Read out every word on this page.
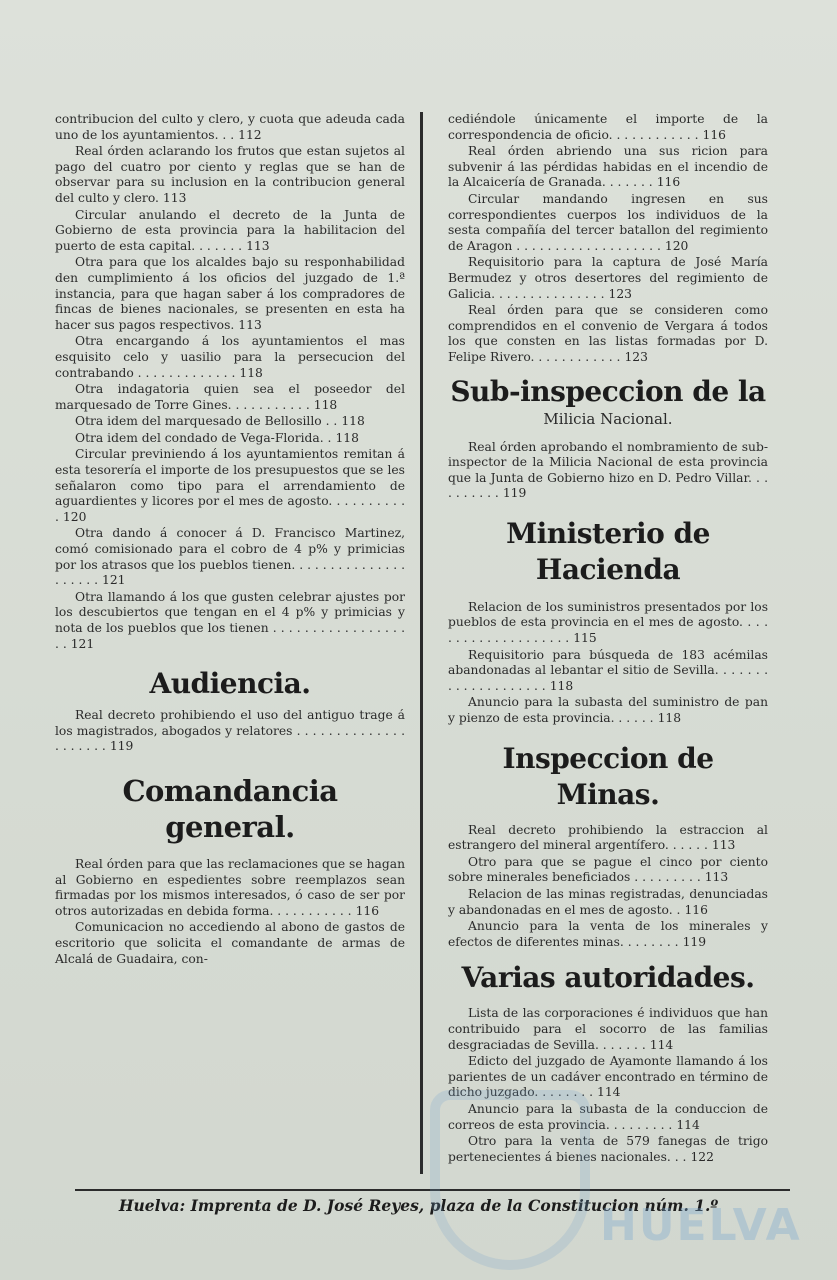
contribucion del culto y clero, y cuota que adeuda cada uno de los ayuntamientos. . . 112

Real órden aclarando los frutos que estan sujetos al pago del cuatro por ciento y reglas que se han de observar para su inclusion en la contribucion general del culto y clero. 113

Circular anulando el decreto de la Junta de Gobierno de esta provincia para la habilitacion del puerto de esta capital. . . . . . . 113

Otra para que los alcaldes bajo su responhabilidad den cumplimiento á los oficios del juzgado de 1.ª instancia, para que hagan saber á los compradores de fincas de bienes nacionales, se presenten en esta ha hacer sus pagos respectivos. 113

Otra encargando á los ayuntamientos el mas esquisito celo y uasilio para la persecucion del contrabando . . . . . . . . . . . . . 118

Otra indagatoria quien sea el poseedor del marquesado de Torre Gines. . . . . . . . . . . 118

Otra idem del marquesado de Bellosillo . . 118

Otra idem del condado de Vega-Florida. . 118

Circular previniendo á los ayuntamientos remitan á esta tesorería el importe de los presupuestos que se les señalaron como tipo para el arrendamiento de aguardientes y licores por el mes de agosto. . . . . . . . . . . 120

Otra dando á conocer á D. Francisco Martinez, comó comisionado para el cobro de 4 p% y primicias por los atrasos que los pueblos tienen. . . . . . . . . . . . . . . . . . . . . 121

Otra llamando á los que gusten celebrar ajustes por los descubiertos que tengan en el 4 p% y primicias y nota de los pueblos que los tienen . . . . . . . . . . . . . . . . . . . 121

Audiencia.

Real decreto prohibiendo el uso del antiguo trage á los magistrados, abogados y relatores . . . . . . . . . . . . . . . . . . . . . 119

Comandancia general.

Real órden para que las reclamaciones que se hagan al Gobierno en espedientes sobre reemplazos sean firmadas por los mismos interesados, ó caso de ser por otros autorizadas en debida forma. . . . . . . . . . . 116

Comunicacion no accediendo al abono de gastos de escritorio que solicita el comandante de armas de Alcalá de Guadaira, con-

cediéndole únicamente el importe de la correspondencia de oficio. . . . . . . . . . . . 116

Real órden abriendo una sus ricion para subvenir á las pérdidas habidas en el incendio de la Alcaicería de Granada. . . . . . . 116

Circular mandando ingresen en sus correspondientes cuerpos los individuos de la sesta compañía del tercer batallon del regimiento de Aragon . . . . . . . . . . . . . . . . . . . 120

Requisitorio para la captura de José María Bermudez y otros desertores del regimiento de Galicia. . . . . . . . . . . . . . . 123

Real órden para que se consideren como comprendidos en el convenio de Vergara á todos los que consten en las listas formadas por D. Felipe Rivero. . . . . . . . . . . . 123

Sub-inspeccion de la
Milicia Nacional.

Real órden aprobando el nombramiento de sub-inspector de la Milicia Nacional de esta provincia que la Junta de Gobierno hizo en D. Pedro Villar. . . . . . . . . . 119

Ministerio de Hacienda

Relacion de los suministros presentados por los pueblos de esta provincia en el mes de agosto. . . . . . . . . . . . . . . . . . . . 115

Requisitorio para búsqueda de 183 acémilas abandonadas al lebantar el sitio de Sevilla. . . . . . . . . . . . . . . . . . . . 118

Anuncio para la subasta del suministro de pan y pienzo de esta provincia. . . . . . 118

Inspeccion de Minas.

Real decreto prohibiendo la estraccion al estrangero del mineral argentífero. . . . . . 113

Otro para que se pague el cinco por ciento sobre minerales beneficiados . . . . . . . . . 113

Relacion de las minas registradas, denunciadas y abandonadas en el mes de agosto. . 116

Anuncio para la venta de los minerales y efectos de diferentes minas. . . . . . . . 119

Varias autoridades.

Lista de las corporaciones é individuos que han contribuido para el socorro de las familias desgraciadas de Sevilla. . . . . . . 114

Edicto del juzgado de Ayamonte llamando á los parientes de un cadáver encontrado en término de dicho juzgado. . . . . . . . 114

Anuncio para la subasta de la conduccion de correos de esta provincia. . . . . . . . . 114

Otro para la venta de 579 fanegas de trigo pertenecientes á bienes nacionales. . . 122

Huelva: Imprenta de D. José Reyes, plaza de la Constitucion núm. 1.º
HUELVA
